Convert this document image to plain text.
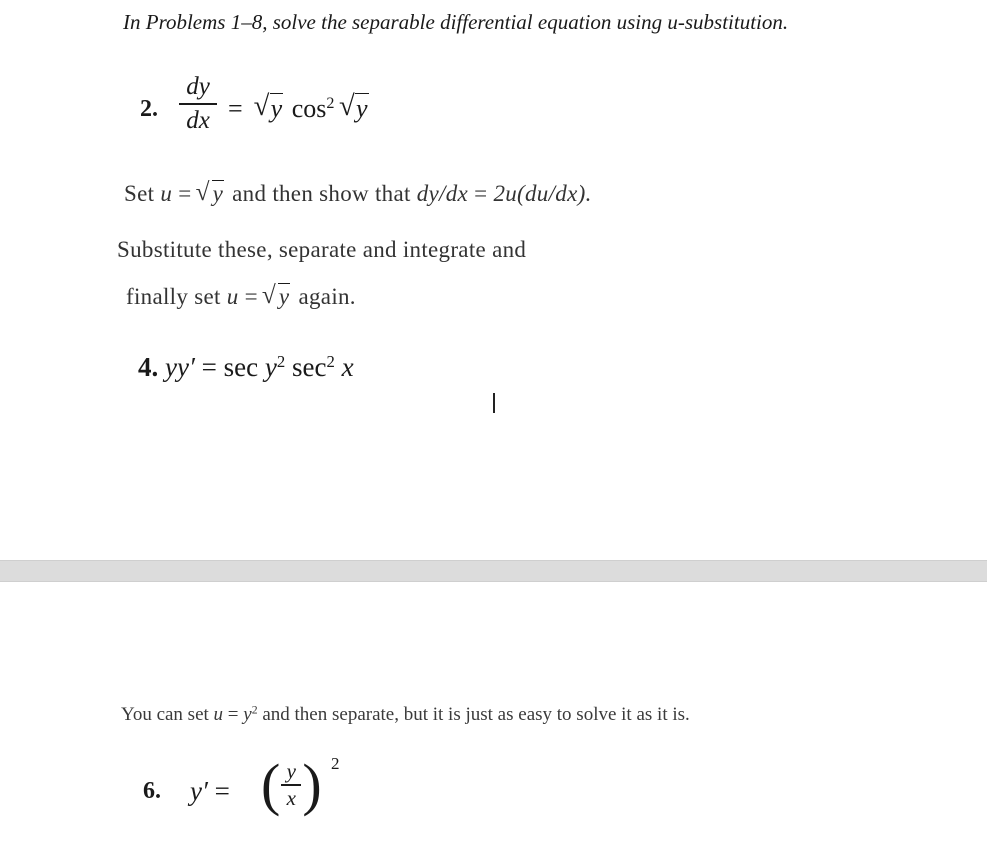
In Problems 1–8, solve the separable differential equation using u-substitution.
2.
dy
dx = √ y $\cos^2$ √ y
Set u = √ y and then show that dy/dx = 2u(du/dx).
Substitute these, separate and integrate and
finally set u = √ y again.
4. $yy' = \sec y^2$ $\sec^2 x$
You can set $u = y^2$ and then separate, but it is just as easy to solve it as it is.
6. y′ = ( y
x ) 2
